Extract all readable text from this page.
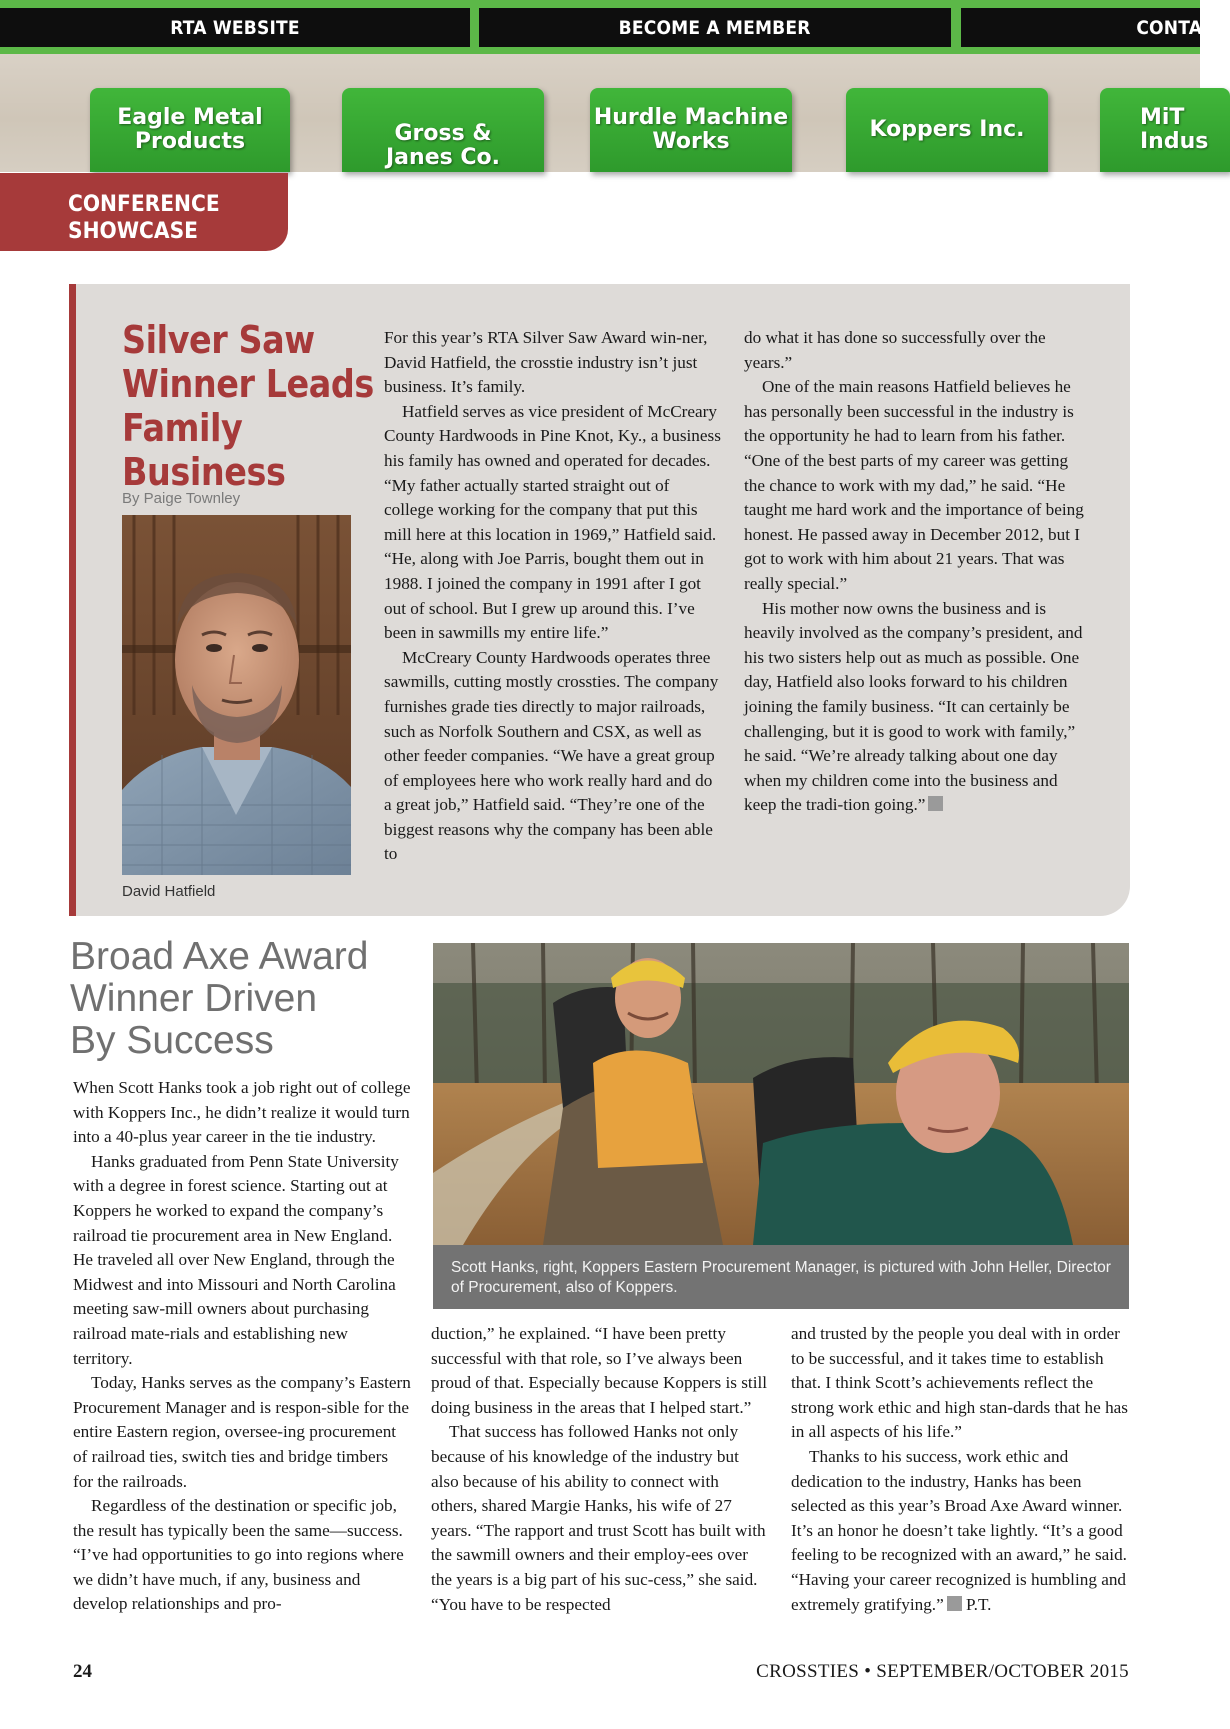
RTA WEBSITE	BECOME A MEMBER	CONTA
Eagle Metal
Products	Gross &
Janes Co.
Hurdle Machine
Works	Koppers Inc.	MiT
Indus
CONFERENCE
SHOWCASE
Silver Saw
Winner Leads
Family
Business
By Paige Townley
David Hatfield

For this year’s RTA Silver Saw Award win-ner, David Hatfield, the crosstie industry isn’t just business. It’s family.

Hatfield serves as vice president of McCreary County Hardwoods in Pine Knot, Ky., a business his family has owned and operated for decades. “My father actually started straight out of college working for the company that put this mill here at this location in 1969,” Hatfield said. “He, along with Joe Parris, bought them out in 1988. I joined the company in 1991 after I got out of school. But I grew up around this. I’ve been in sawmills my entire life.”

McCreary County Hardwoods operates three sawmills, cutting mostly crossties. The company furnishes grade ties directly to major railroads, such as Norfolk Southern and CSX, as well as other feeder companies. “We have a great group of employees here who work really hard and do a great job,” Hatfield said. “They’re one of the biggest reasons why the company has been able to

do what it has done so successfully over the years.”

One of the main reasons Hatfield believes he has personally been successful in the industry is the opportunity he had to learn from his father. “One of the best parts of my career was getting the chance to work with my dad,” he said. “He taught me hard work and the importance of being honest. He passed away in December 2012, but I got to work with him about 21 years. That was really special.”

His mother now owns the business and is heavily involved as the company’s president, and his two sisters help out as much as possible. One day, Hatfield also looks forward to his children joining the family business. “It can certainly be challenging, but it is good to work with family,” he said. “We’re already talking about one day when my children come into the business and keep the tradi-tion going.”

Broad Axe Award
Winner Driven
By Success

When Scott Hanks took a job right out of college with Koppers Inc., he didn’t realize it would turn into a 40-plus year career in the tie industry.

Hanks graduated from Penn State University with a degree in forest science. Starting out at Koppers he worked to expand the company’s railroad tie procurement area in New England. He traveled all over New England, through the Midwest and into Missouri and North Carolina meeting saw-mill owners about purchasing railroad mate-rials and establishing new territory.

Today, Hanks serves as the company’s Eastern Procurement Manager and is respon-sible for the entire Eastern region, oversee-ing procurement of railroad ties, switch ties and bridge timbers for the railroads.

Regardless of the destination or specific job, the result has typically been the same—success. “I’ve had opportunities to go into regions where we didn’t have much, if any, business and develop relationships and pro-

Scott Hanks, right, Koppers Eastern Procurement Manager, is pictured with John Heller, Director of Procurement, also of Koppers.

duction,” he explained. “I have been pretty successful with that role, so I’ve always been proud of that. Especially because Koppers is still doing business in the areas that I helped start.”

That success has followed Hanks not only because of his knowledge of the industry but also because of his ability to connect with others, shared Margie Hanks, his wife of 27 years. “The rapport and trust Scott has built with the sawmill owners and their employ-ees over the years is a big part of his suc-cess,” she said. “You have to be respected

and trusted by the people you deal with in order to be successful, and it takes time to establish that. I think Scott’s achievements reflect the strong work ethic and high stan-dards that he has in all aspects of his life.”

Thanks to his success, work ethic and dedication to the industry, Hanks has been selected as this year’s Broad Axe Award winner. It’s an honor he doesn’t take lightly. “It’s a good feeling to be recognized with an award,” he said. “Having your career recognized is humbling and extremely gratifying.” P.T.

24	CROSSTIES • SEPTEMBER/OCTOBER 2015
